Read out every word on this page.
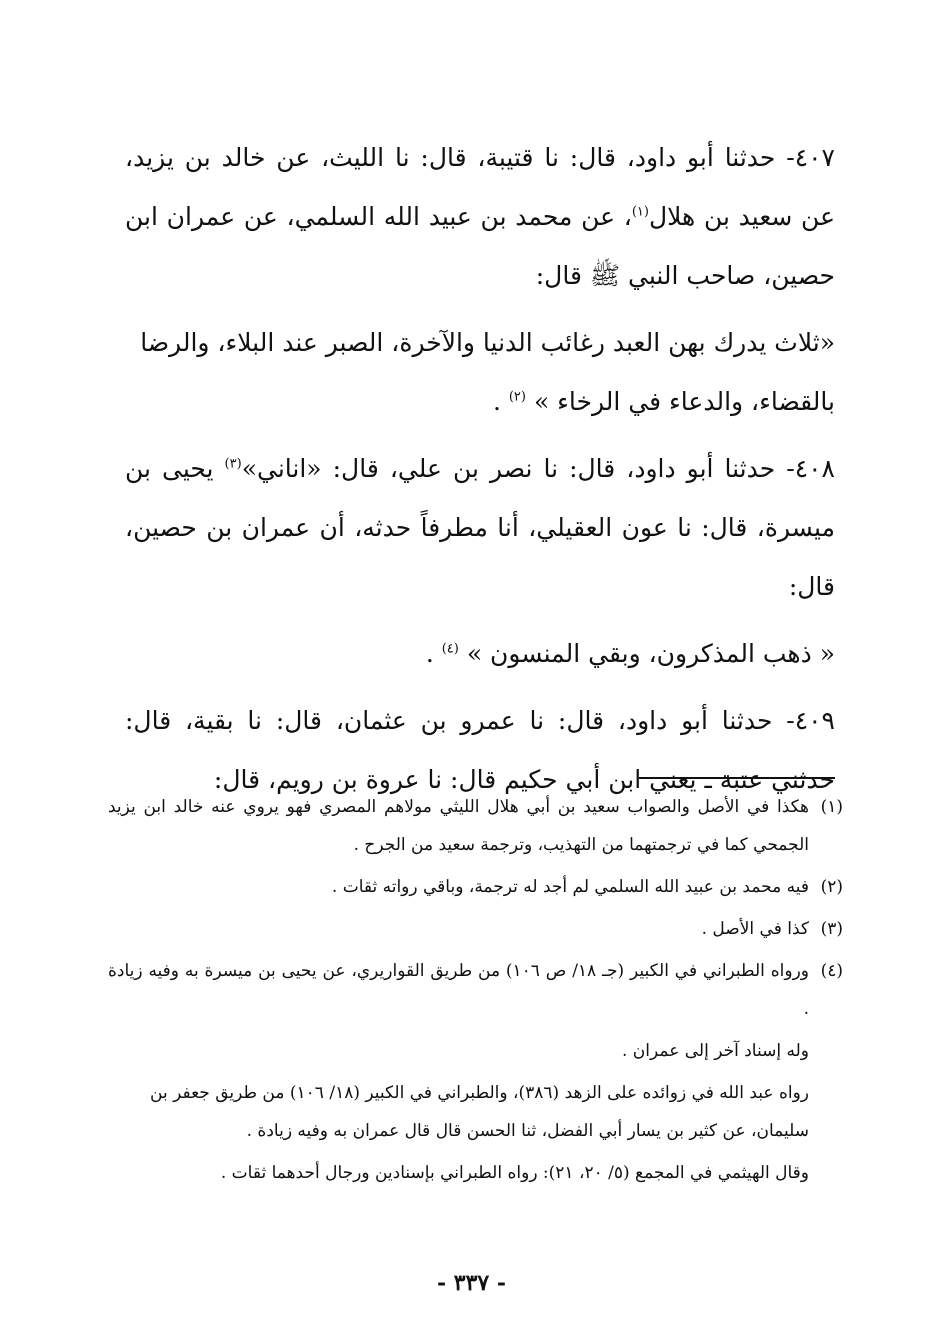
٤٠٧- حدثنا أبو داود، قال: نا قتيبة، قال: نا الليث، عن خالد بن يزيد، عن سعيد بن هلال$^{(١)}$، عن محمد بن عبيد الله السلمي، عن عمران ابن حصين، صاحب النبي ﷺ قال:

«ثلاث يدرك بهن العبد رغائب الدنيا والآخرة، الصبر عند البلاء، والرضا بالقضاء، والدعاء في الرخاء » $^{(٢)}$ .

٤٠٨- حدثنا أبو داود، قال: نا نصر بن علي، قال: «اناني»$^{(٣)}$ يحيى بن ميسرة، قال: نا عون العقيلي، أنا مطرفاً حدثه، أن عمران بن حصين، قال:

« ذهب المذكرون، وبقي المنسون » $^{(٤)}$ .

٤٠٩- حدثنا أبو داود، قال: نا عمرو بن عثمان، قال: نا بقية، قال: حدثني عتبة ـ يعني ابن أبي حكيم قال: نا عروة بن رويم، قال:

(١)
هكذا في الأصل والصواب سعيد بن أبي هلال الليثي مولاهم المصري فهو يروي عنه خالد ابن يزيد الجمحي كما في ترجمتهما من التهذيب، وترجمة سعيد من الجرح .
(٢)
فيه محمد بن عبيد الله السلمي لم أجد له ترجمة، وباقي رواته ثقات .
(٣)
كذا في الأصل .
(٤)
ورواه الطبراني في الكبير (جـ ١٨/ ص ١٠٦) من طريق القواريري، عن يحيى بن ميسرة به وفيه زيادة .
وله إسناد آخر إلى عمران .
رواه عبد الله في زوائده على الزهد (٣٨٦)، والطبراني في الكبير (١٨/ ١٠٦) من طريق جعفر بن سليمان، عن كثير بن يسار أبي الفضل، ثنا الحسن قال قال عمران به وفيه زيادة .
وقال الهيثمي في المجمع (٥/ ٢٠، ٢١): رواه الطبراني بإسنادين ورجال أحدهما ثقات .
- ٣٣٧ -
